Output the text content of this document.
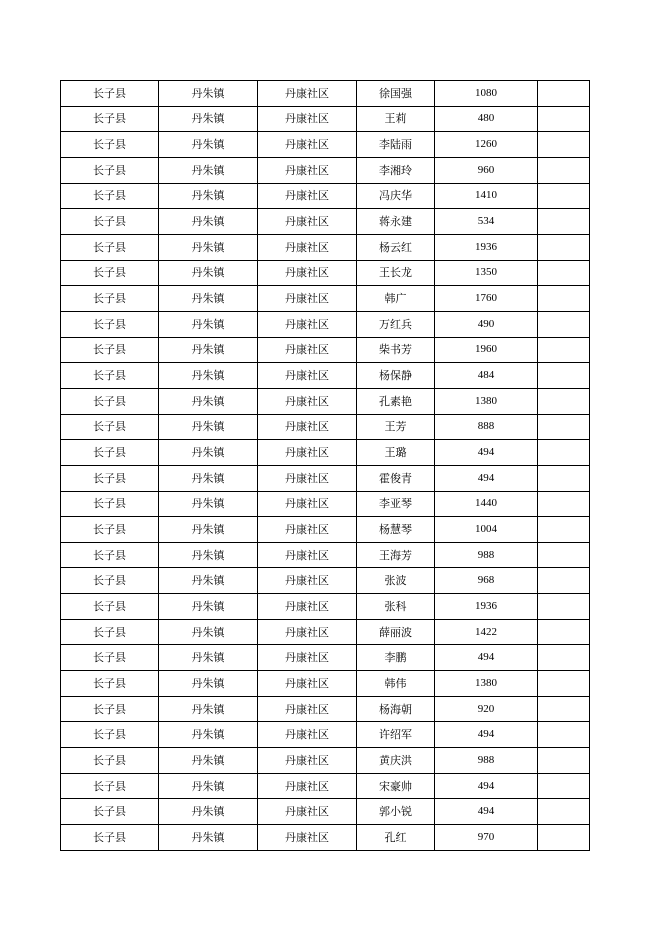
长子县	丹朱镇	丹康社区	徐国强	1080	
长子县	丹朱镇	丹康社区	王莉	480	
长子县	丹朱镇	丹康社区	李陆雨	1260	
长子县	丹朱镇	丹康社区	李湘玲	960	
长子县	丹朱镇	丹康社区	冯庆华	1410	
长子县	丹朱镇	丹康社区	蒋永建	534	
长子县	丹朱镇	丹康社区	杨云红	1936	
长子县	丹朱镇	丹康社区	王长龙	1350	
长子县	丹朱镇	丹康社区	韩广	1760	
长子县	丹朱镇	丹康社区	万红兵	490	
长子县	丹朱镇	丹康社区	柴书芳	1960	
长子县	丹朱镇	丹康社区	杨保静	484	
长子县	丹朱镇	丹康社区	孔素艳	1380	
长子县	丹朱镇	丹康社区	王芳	888	
长子县	丹朱镇	丹康社区	王璐	494	
长子县	丹朱镇	丹康社区	霍俊青	494	
长子县	丹朱镇	丹康社区	李亚琴	1440	
长子县	丹朱镇	丹康社区	杨慧琴	1004	
长子县	丹朱镇	丹康社区	王海芳	988	
长子县	丹朱镇	丹康社区	张波	968	
长子县	丹朱镇	丹康社区	张科	1936	
长子县	丹朱镇	丹康社区	薛丽波	1422	
长子县	丹朱镇	丹康社区	李鹏	494	
长子县	丹朱镇	丹康社区	韩伟	1380	
长子县	丹朱镇	丹康社区	杨海朝	920	
长子县	丹朱镇	丹康社区	许绍军	494	
长子县	丹朱镇	丹康社区	黄庆洪	988	
长子县	丹朱镇	丹康社区	宋豪帅	494	
长子县	丹朱镇	丹康社区	郭小锐	494	
长子县	丹朱镇	丹康社区	孔红	970	
